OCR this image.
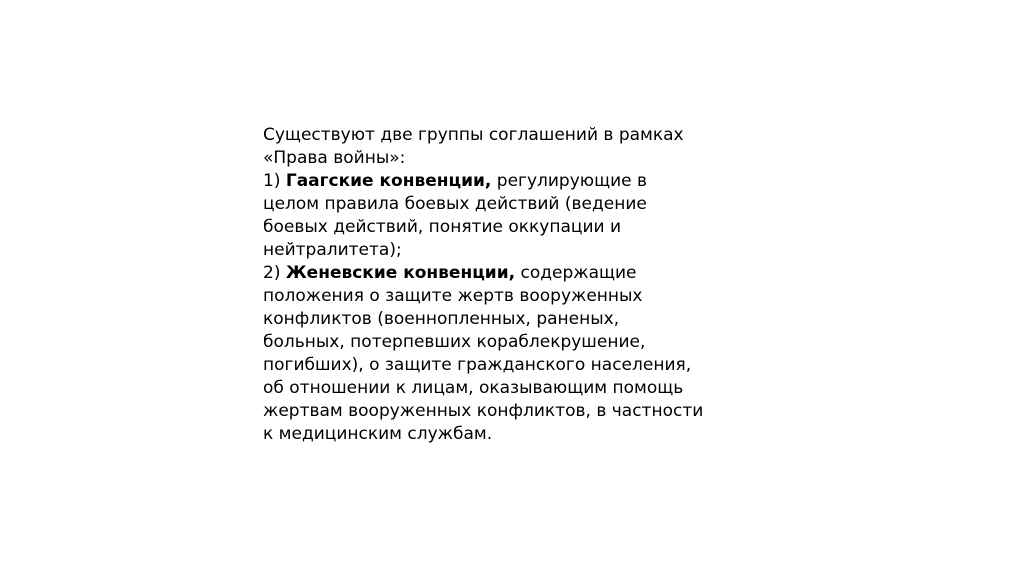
Существуют две группы соглашений в рамках
«Права войны»:
1) Гаагские конвенции, регулирующие в
целом правила боевых действий (ведение
боевых действий, понятие оккупации и
нейтралитета);
2) Женевские конвенции, содержащие
положения о защите жертв вооруженных
конфликтов (военнопленных, раненых,
больных, потерпевших кораблекрушение,
погибших), о защите гражданского населения,
об отношении к лицам, оказывающим помощь
жертвам вооруженных конфликтов, в частности
к медицинским службам.
